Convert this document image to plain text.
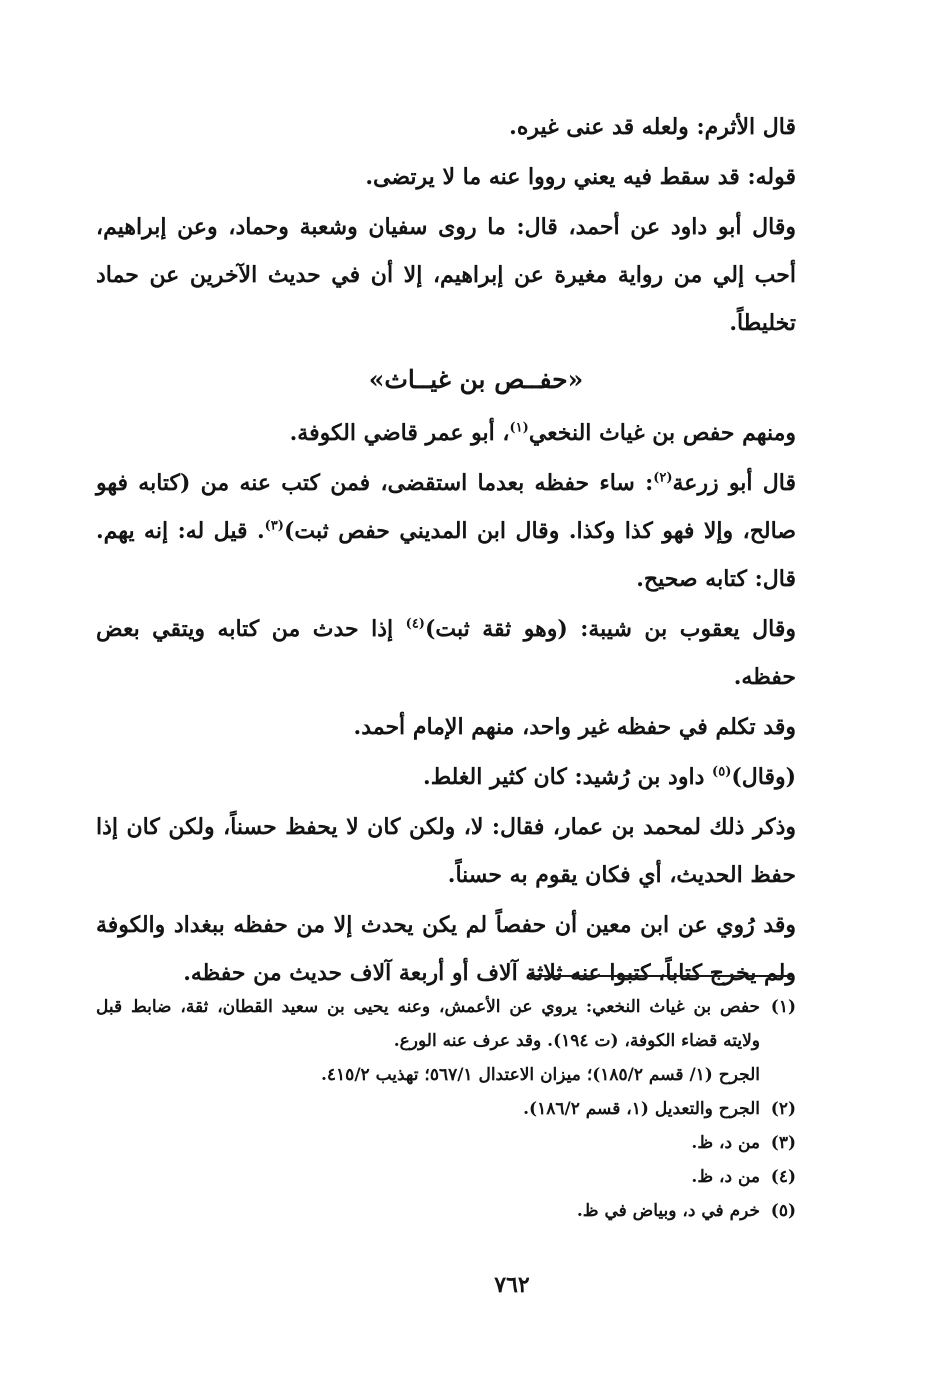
قال الأثرم: ولعله قد عنى غيره.

قوله: قد سقط فيه يعني رووا عنه ما لا يرتضى.

وقال أبو داود عن أحمد، قال: ما روى سفيان وشعبة وحماد، وعن إبراهيم، أحب إلي من رواية مغيرة عن إبراهيم، إلا أن في حديث الآخرين عن حماد تخليطاً.

«حفــص بن غيــاث»

ومنهم حفص بن غياث النخعي$^{(١)}$، أبو عمر قاضي الكوفة.

قال أبو زرعة$^{(٢)}$: ساء حفظه بعدما استقضى، فمن كتب عنه من (كتابه فهو صالح، وإلا فهو كذا وكذا. وقال ابن المديني حفص ثبت)$^{(٣)}$. قيل له: إنه يهم. قال: كتابه صحيح.

وقال يعقوب بن شيبة: (وهو ثقة ثبت)$^{(٤)}$ إذا حدث من كتابه ويتقي بعض حفظه.

وقد تكلم في حفظه غير واحد، منهم الإمام أحمد.

(وقال)$^{(٥)}$ داود بن رُشيد: كان كثير الغلط.

وذكر ذلك لمحمد بن عمار، فقال: لا، ولكن كان لا يحفظ حسناً، ولكن كان إذا حفظ الحديث، أي فكان يقوم به حسناً.

وقد رُوي عن ابن معين أن حفصاً لم يكن يحدث إلا من حفظه ببغداد والكوفة ولم يخرج كتاباً، كتبوا عنه ثلاثة آلاف أو أربعة آلاف حديث من حفظه.

(١)
حفص بن غياث النخعي: يروي عن الأعمش، وعنه يحيى بن سعيد القطان، ثقة، ضابط قبل ولايته قضاء الكوفة، (ت ١٩٤). وقد عرف عنه الورع.
الجرح (١/ قسم ١٨٥/٢)؛ ميزان الاعتدال ٥٦٧/١؛ تهذيب ٤١٥/٢.
(٢)
الجرح والتعديل (١، قسم ١٨٦/٢).
(٣)
من د، ظ.
(٤)
من د، ظ.
(٥)
خرم في د، وبياض في ظ.
٧٦٢
